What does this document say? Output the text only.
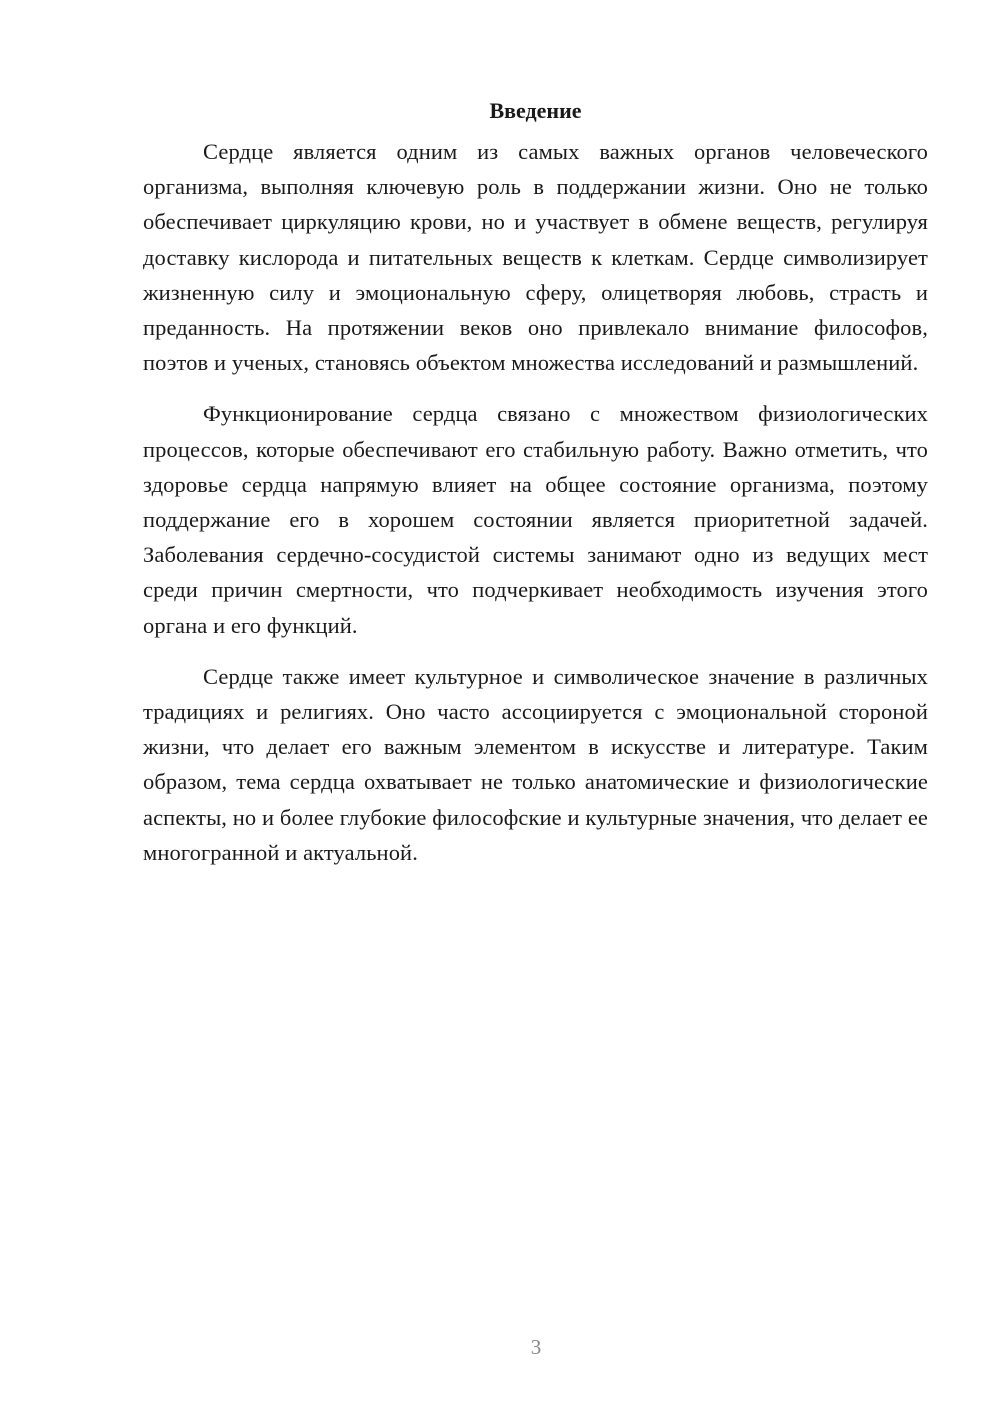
Введение

Сердце является одним из самых важных органов человеческого организма, выполняя ключевую роль в поддержании жизни. Оно не только обеспечивает циркуляцию крови, но и участвует в обмене веществ, регулируя доставку кислорода и питательных веществ к клеткам. Сердце символизирует жизненную силу и эмоциональную сферу, олицетворяя любовь, страсть и преданность. На протяжении веков оно привлекало внимание философов, поэтов и ученых, становясь объектом множества исследований и размышлений.

Функционирование сердца связано с множеством физиологических процессов, которые обеспечивают его стабильную работу. Важно отметить, что здоровье сердца напрямую влияет на общее состояние организма, поэтому поддержание его в хорошем состоянии является приоритетной задачей. Заболевания сердечно-сосудистой системы занимают одно из ведущих мест среди причин смертности, что подчеркивает необходимость изучения этого органа и его функций.

Сердце также имеет культурное и символическое значение в различных традициях и религиях. Оно часто ассоциируется с эмоциональной стороной жизни, что делает его важным элементом в искусстве и литературе. Таким образом, тема сердца охватывает не только анатомические и физиологические аспекты, но и более глубокие философские и культурные значения, что делает ее многогранной и актуальной.

3
